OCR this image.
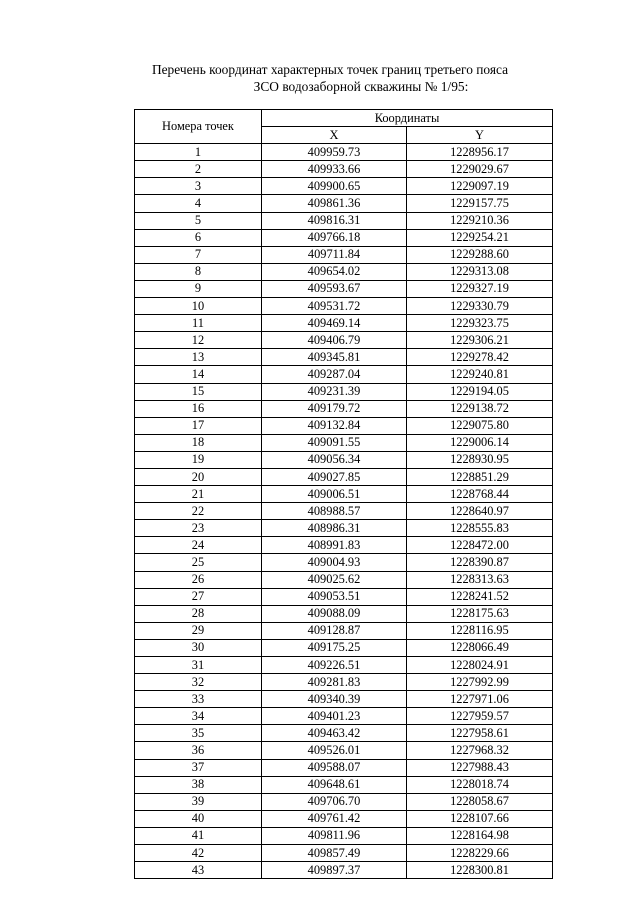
Перечень координат характерных точек границ третьего пояса
ЗСО водозаборной скважины № 1/95:
Номера точек	Координаты	
	X	Y
1	409959.73	1228956.17
2	409933.66	1229029.67
3	409900.65	1229097.19
4	409861.36	1229157.75
5	409816.31	1229210.36
6	409766.18	1229254.21
7	409711.84	1229288.60
8	409654.02	1229313.08
9	409593.67	1229327.19
10	409531.72	1229330.79
11	409469.14	1229323.75
12	409406.79	1229306.21
13	409345.81	1229278.42
14	409287.04	1229240.81
15	409231.39	1229194.05
16	409179.72	1229138.72
17	409132.84	1229075.80
18	409091.55	1229006.14
19	409056.34	1228930.95
20	409027.85	1228851.29
21	409006.51	1228768.44
22	408988.57	1228640.97
23	408986.31	1228555.83
24	408991.83	1228472.00
25	409004.93	1228390.87
26	409025.62	1228313.63
27	409053.51	1228241.52
28	409088.09	1228175.63
29	409128.87	1228116.95
30	409175.25	1228066.49
31	409226.51	1228024.91
32	409281.83	1227992.99
33	409340.39	1227971.06
34	409401.23	1227959.57
35	409463.42	1227958.61
36	409526.01	1227968.32
37	409588.07	1227988.43
38	409648.61	1228018.74
39	409706.70	1228058.67
40	409761.42	1228107.66
41	409811.96	1228164.98
42	409857.49	1228229.66
43	409897.37	1228300.81
